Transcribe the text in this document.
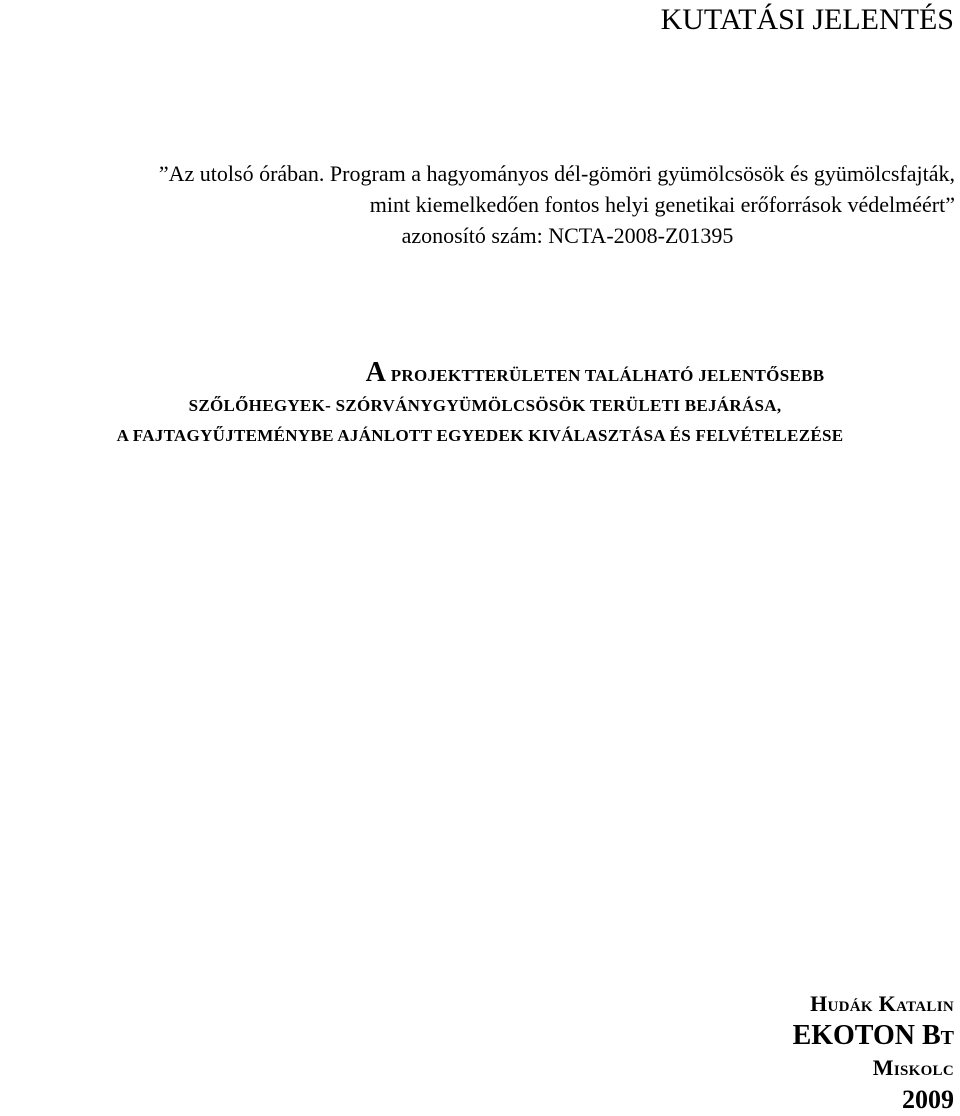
KUTATÁSI JELENTÉS
”Az utolsó órában. Program a hagyományos dél-gömöri gyümölcsösök és gyümölcsfajták,
mint kiemelkedően fontos helyi genetikai erőforrások védelméért”
azonosító szám: NCTA-2008-Z01395
A PROJEKTTERÜLETEN TALÁLHATÓ JELENTŐSEBB
SZŐLŐHEGYEK- SZÓRVÁNYGYÜMÖLCSÖSÖK TERÜLETI BEJÁRÁSA,
A FAJTAGYŰJTEMÉNYBE AJÁNLOTT EGYEDEK KIVÁLASZTÁSA ÉS FELVÉTELEZÉSE
Hudák Katalin
EKOTON Bt
Miskolc
2009
